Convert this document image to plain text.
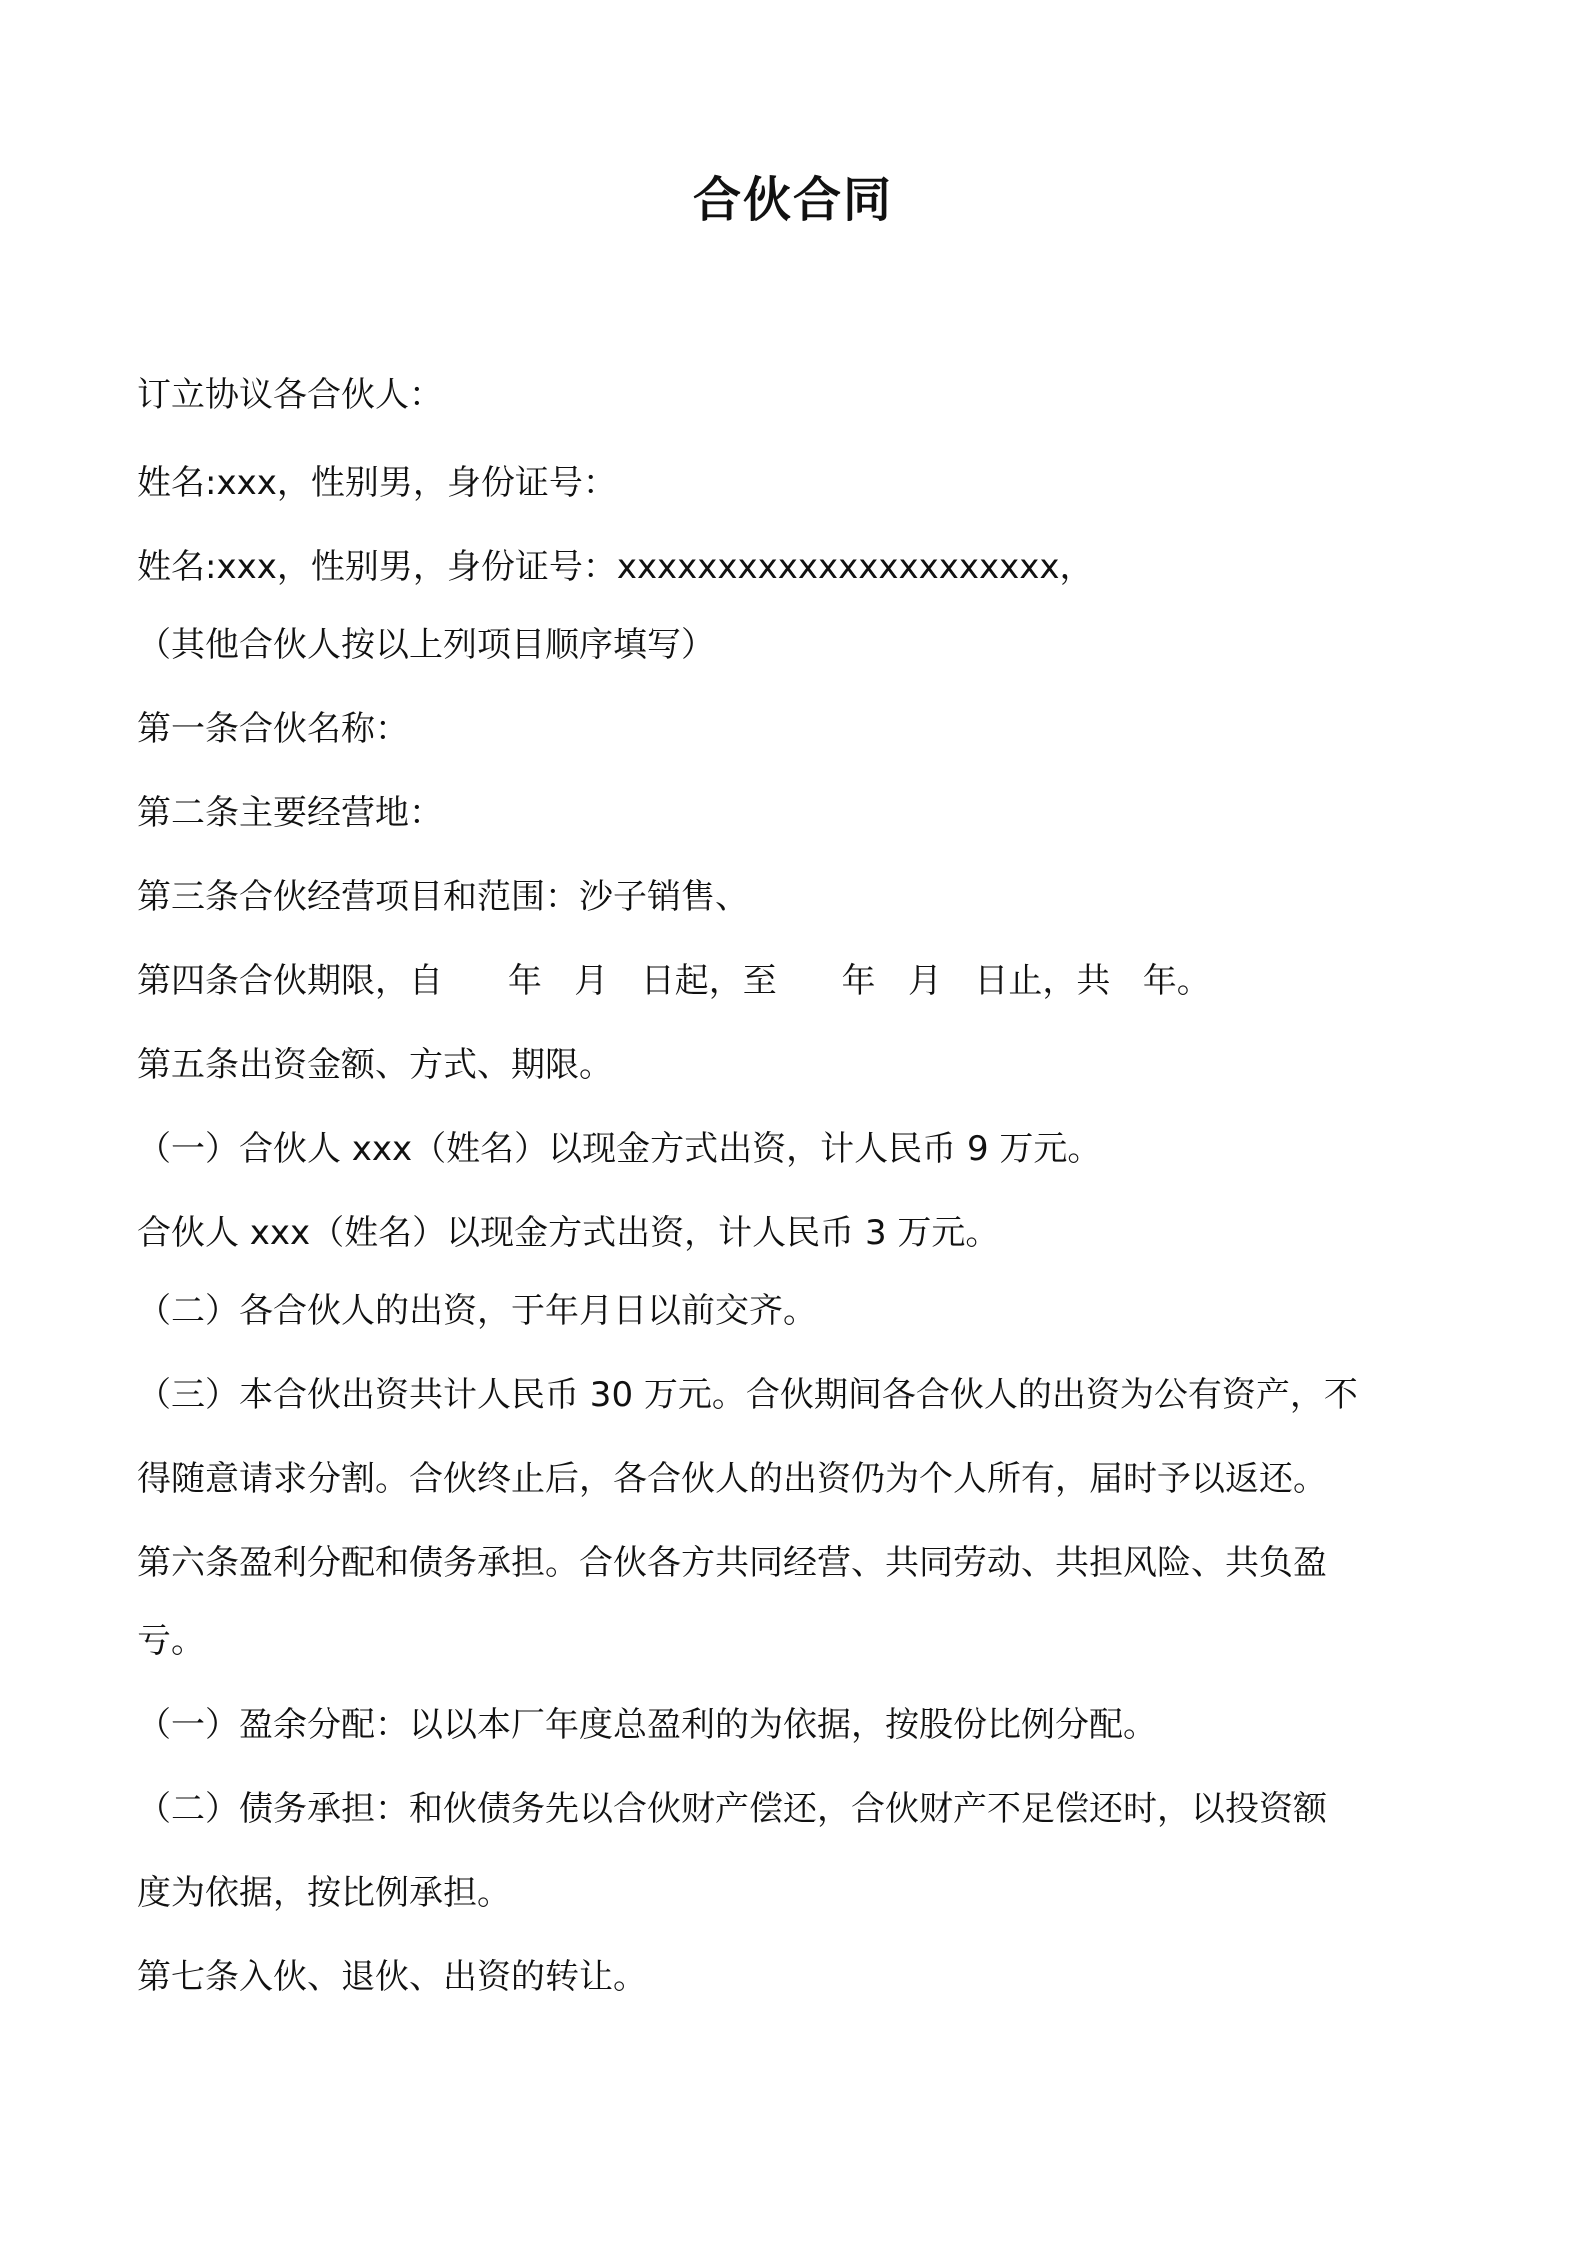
合伙合同
订立协议各合伙人：
姓名:xxx，性别男，身份证号：
姓名:xxx，性别男，身份证号：xxxxxxxxxxxxxxxxxxxxxx，
（其他合伙人按以上列项目顺序填写）
第一条合伙名称：
第二条主要经营地：
第三条合伙经营项目和范围：沙子销售、
第四条合伙期限，自      年   月   日起，至      年   月   日止，共   年。
第五条出资金额、方式、期限。
（一）合伙人 xxx（姓名）以现金方式出资，计人民币 9 万元。
合伙人 xxx（姓名）以现金方式出资，计人民币 3 万元。
（二）各合伙人的出资，于年月日以前交齐。
（三）本合伙出资共计人民币 30 万元。合伙期间各合伙人的出资为公有资产，不
得随意请求分割。合伙终止后，各合伙人的出资仍为个人所有，届时予以返还。
第六条盈利分配和债务承担。合伙各方共同经营、共同劳动、共担风险、共负盈
亏。
（一）盈余分配：以以本厂年度总盈利的为依据，按股份比例分配。
（二）债务承担：和伙债务先以合伙财产偿还，合伙财产不足偿还时，以投资额
度为依据，按比例承担。
第七条入伙、退伙、出资的转让。
